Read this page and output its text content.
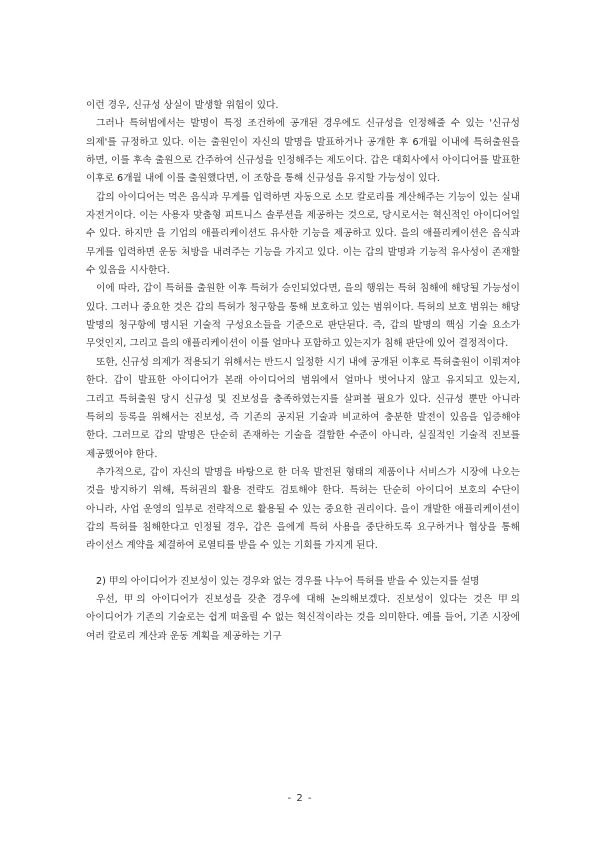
이런 경우, 신규성 상실이 발생할 위험이 있다.

그러나 특허법에서는 발명이 특정 조건하에 공개된 경우에도 신규성을 인정해줄 수 있는 '신규성 의제'를 규정하고 있다. 이는 출원인이 자신의 발명을 발표하거나 공개한 후 6개월 이내에 특허출원을 하면, 이를 후속 출원으로 간주하여 신규성을 인정해주는 제도이다. 갑은 대회사에서 아이디어를 발표한 이후로 6개월 내에 이를 출원했다면, 이 조항을 통해 신규성을 유지할 가능성이 있다.

갑의 아이디어는 먹은 음식과 무게를 입력하면 자동으로 소모 칼로리를 계산해주는 기능이 있는 실내 자전거이다. 이는 사용자 맞춤형 피트니스 솔루션을 제공하는 것으로, 당시로서는 혁신적인 아이디어일 수 있다. 하지만 을 기업의 애플리케이션도 유사한 기능을 제공하고 있다. 을의 애플리케이션은 음식과 무게를 입력하면 운동 처방을 내려주는 기능을 가지고 있다. 이는 갑의 발명과 기능적 유사성이 존재할 수 있음을 시사한다.

이에 따라, 갑이 특허를 출원한 이후 특허가 승인되었다면, 을의 행위는 특허 침해에 해당될 가능성이 있다. 그러나 중요한 것은 갑의 특허가 청구항을 통해 보호하고 있는 범위이다. 특허의 보호 범위는 해당 발명의 청구항에 명시된 기술적 구성요소들을 기준으로 판단된다. 즉, 갑의 발명의 핵심 기술 요소가 무엇인지, 그리고 을의 애플리케이션이 이를 얼마나 포함하고 있는지가 침해 판단에 있어 결정적이다.

또한, 신규성 의제가 적용되기 위해서는 반드시 일정한 시기 내에 공개된 이후로 특허출원이 이뤄져야 한다. 갑이 발표한 아이디어가 본래 아이디어의 범위에서 얼마나 벗어나지 않고 유지되고 있는지, 그리고 특허출원 당시 신규성 및 진보성을 충족하였는지를 살펴볼 필요가 있다. 신규성 뿐만 아니라 특허의 등록을 위해서는 진보성, 즉 기존의 공지된 기술과 비교하여 충분한 발전이 있음을 입증해야 한다. 그러므로 갑의 발명은 단순히 존재하는 기술을 결합한 수준이 아니라, 실질적인 기술적 진보를 제공했어야 한다.

추가적으로, 갑이 자신의 발명을 바탕으로 한 더욱 발전된 형태의 제품이나 서비스가 시장에 나오는 것을 방지하기 위해, 특허권의 활용 전략도 검토해야 한다. 특허는 단순히 아이디어 보호의 수단이 아니라, 사업 운영의 일부로 전략적으로 활용될 수 있는 중요한 권리이다. 을이 개발한 애플리케이션이 갑의 특허를 침해한다고 인정될 경우, 갑은 을에게 특허 사용을 중단하도록 요구하거나 협상을 통해 라이선스 계약을 체결하여 로열티를 받을 수 있는 기회를 가지게 된다.

2) 甲의 아이디어가 진보성이 있는 경우와 없는 경우를 나누어 특허를 받을 수 있는지를 설명

우선, 甲의 아이디어가 진보성을 갖춘 경우에 대해 논의해보겠다. 진보성이 있다는 것은 甲의 아이디어가 기존의 기술로는 쉽게 떠올릴 수 없는 혁신적이라는 것을 의미한다. 예를 들어, 기존 시장에 여러 칼로리 계산과 운동 계획을 제공하는 기구

- 2 -
